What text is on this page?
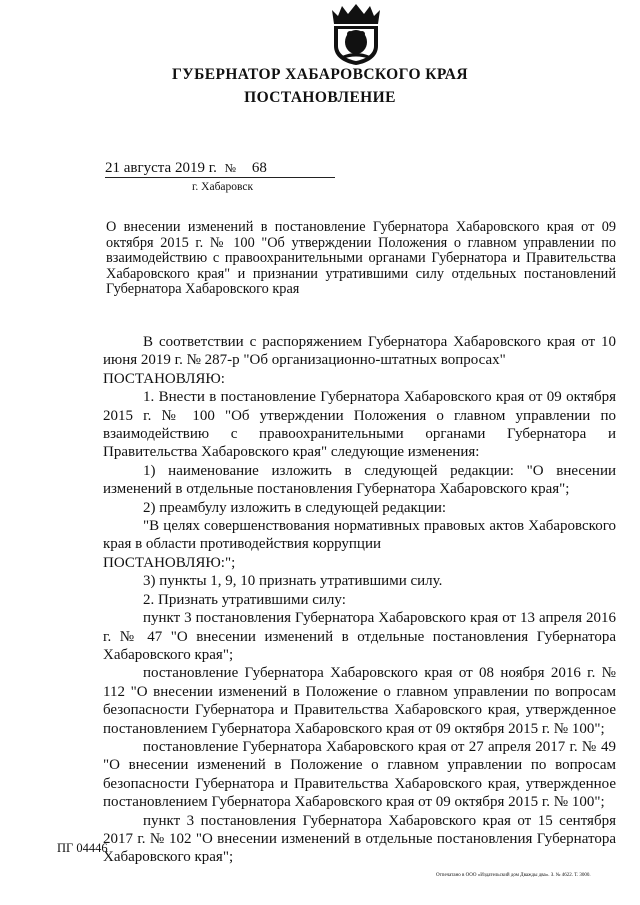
ГУБЕРНАТОР ХАБАРОВСКОГО КРАЯ
ПОСТАНОВЛЕНИЕ
21 августа 2019 г. № 68
г. Хабаровск
О внесении изменений в постановление Губернатора Хабаровского края от 09 октября 2015 г. № 100 "Об утверждении Положения о главном управлении по взаимодействию с правоохранительными органами Губернатора и Правительства Хабаровского края" и признании утратившими силу отдельных постановлений Губернатора Хабаровского края

В соответствии с распоряжением Губернатора Хабаровского края от 10 июня 2019 г. № 287-р "Об организационно-штатных вопросах"

ПОСТАНОВЛЯЮ:

1. Внести в постановление Губернатора Хабаровского края от 09 октября 2015 г. № 100 "Об утверждении Положения о главном управлении по взаимодействию с правоохранительными органами Губернатора и Правительства Хабаровского края" следующие изменения:

1) наименование изложить в следующей редакции: "О внесении изменений в отдельные постановления Губернатора Хабаровского края";

2) преамбулу изложить в следующей редакции:

"В целях совершенствования нормативных правовых актов Хабаровского края в области противодействия коррупции

ПОСТАНОВЛЯЮ:";

3) пункты 1, 9, 10 признать утратившими силу.

2. Признать утратившими силу:

пункт 3 постановления Губернатора Хабаровского края от 13 апреля 2016 г. № 47 "О внесении изменений в отдельные постановления Губернатора Хабаровского края";

постановление Губернатора Хабаровского края от 08 ноября 2016 г. № 112 "О внесении изменений в Положение о главном управлении по вопросам безопасности Губернатора и Правительства Хабаровского края, утвержденное постановлением Губернатора Хабаровского края от 09 октября 2015 г. № 100";

постановление Губернатора Хабаровского края от 27 апреля 2017 г. № 49 "О внесении изменений в Положение о главном управлении по вопросам безопасности Губернатора и Правительства Хабаровского края, утвержденное постановлением Губернатора Хабаровского края от 09 октября 2015 г. № 100";

пункт 3 постановления Губернатора Хабаровского края от 15 сентября 2017 г. № 102 "О внесении изменений в отдельные постановления Губернатора Хабаровского края";

ПГ 04446
Отпечатано в ООО «Издательский дом Дважды два». З. № 4622. Т. 3000.
